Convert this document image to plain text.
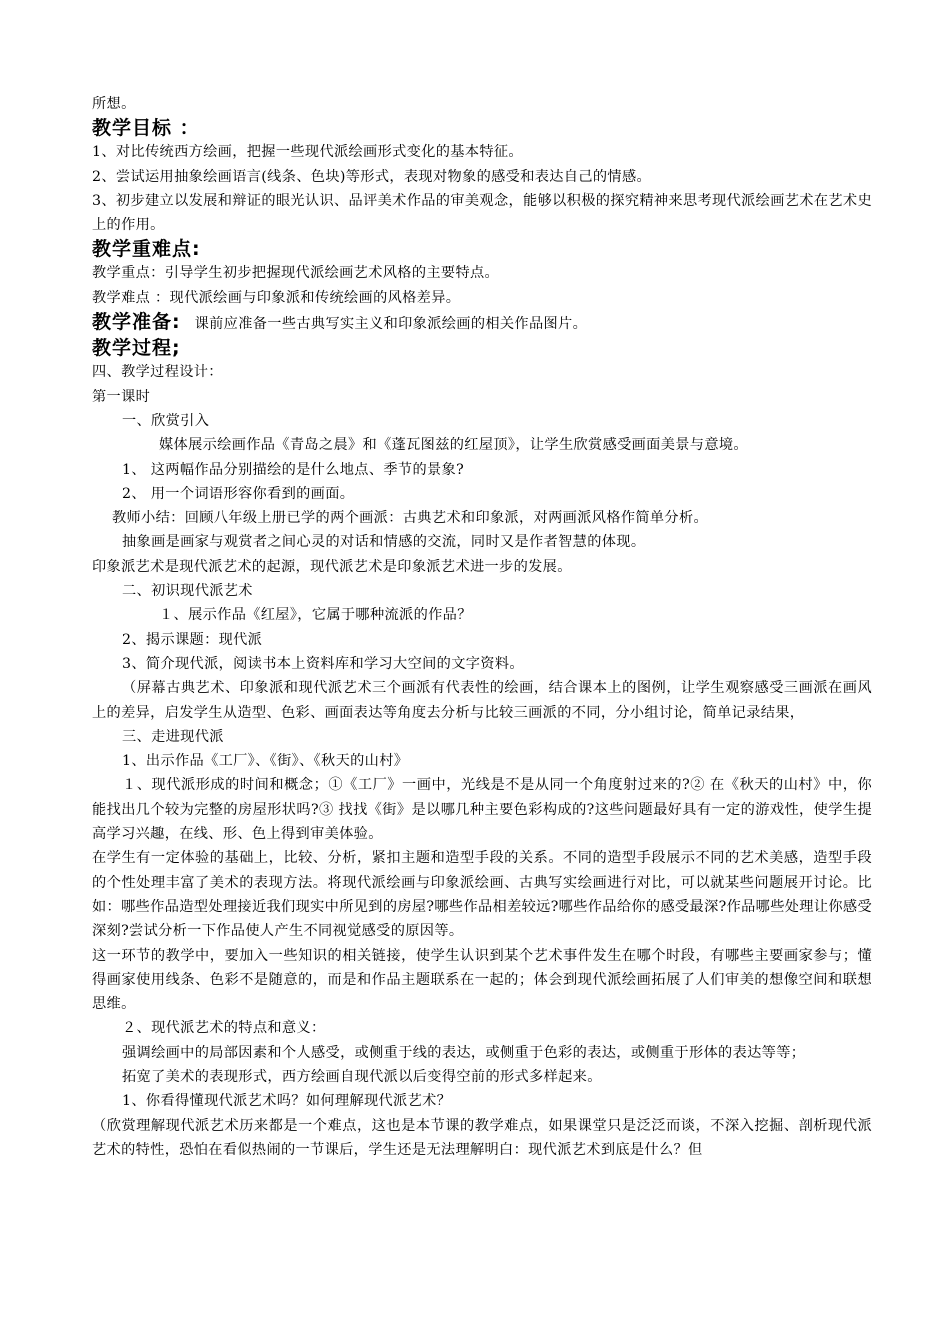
所想。
教学目标 ：
1、对比传统西方绘画，把握一些现代派绘画形式变化的基本特征。
2、尝试运用抽象绘画语言(线条、色块)等形式，表现对物象的感受和表达自己的情感。
3、初步建立以发展和辩证的眼光认识、品评美术作品的审美观念，能够以积极的探究精神来思考现代派绘画艺术在艺术史上的作用。
教学重难点:
教学重点：引导学生初步把握现代派绘画艺术风格的主要特点。
教学难点 ：现代派绘画与印象派和传统绘画的风格差异。
教学准备: 课前应准备一些古典写实主义和印象派绘画的相关作品图片。
教学过程;
四、教学过程设计：
第一课时
一、欣赏引入
媒体展示绘画作品《青岛之晨》和《蓬瓦图兹的红屋顶》，让学生欣赏感受画面美景与意境。
1、 这两幅作品分别描绘的是什么地点、季节的景象?
2、 用一个词语形容你看到的画面。
教师小结：回顾八年级上册已学的两个画派：古典艺术和印象派，对两画派风格作简单分析。
抽象画是画家与观赏者之间心灵的对话和情感的交流，同时又是作者智慧的体现。
印象派艺术是现代派艺术的起源，现代派艺术是印象派艺术进一步的发展。
二、初识现代派艺术
１、展示作品《红屋》，它属于哪种流派的作品？
2、揭示课题：现代派
3、简介现代派，阅读书本上资料库和学习大空间的文字资料。
（屏幕古典艺术、印象派和现代派艺术三个画派有代表性的绘画，结合课本上的图例，让学生观察感受三画派在画风上的差异，启发学生从造型、色彩、画面表达等角度去分析与比较三画派的不同，分小组讨论，简单记录结果，
三、走进现代派
1、出示作品《工厂》、《街》、《秋天的山村》
１、现代派形成的时间和概念；①《工厂》一画中，光线是不是从同一个角度射过来的?② 在《秋天的山村》中，你能找出几个较为完整的房屋形状吗?③ 找找《街》是以哪几种主要色彩构成的?这些问题最好具有一定的游戏性，使学生提高学习兴趣，在线、形、色上得到审美体验。
在学生有一定体验的基础上，比较、分析，紧扣主题和造型手段的关系。不同的造型手段展示不同的艺术美感，造型手段的个性处理丰富了美术的表现方法。将现代派绘画与印象派绘画、古典写实绘画进行对比，可以就某些问题展开讨论。比如：哪些作品造型处理接近我们现实中所见到的房屋?哪些作品相差较远?哪些作品给你的感受最深?作品哪些处理让你感受深刻?尝试分析一下作品使人产生不同视觉感受的原因等。
这一环节的教学中，要加入一些知识的相关链接，使学生认识到某个艺术事件发生在哪个时段，有哪些主要画家参与；懂得画家使用线条、色彩不是随意的，而是和作品主题联系在一起的；体会到现代派绘画拓展了人们审美的想像空间和联想思维。
２、现代派艺术的特点和意义：
强调绘画中的局部因素和个人感受，或侧重于线的表达，或侧重于色彩的表达，或侧重于形体的表达等等；
拓宽了美术的表现形式，西方绘画自现代派以后变得空前的形式多样起来。
1、你看得懂现代派艺术吗？如何理解现代派艺术？
（欣赏理解现代派艺术历来都是一个难点，这也是本节课的教学难点，如果课堂只是泛泛而谈，不深入挖掘、剖析现代派艺术的特性，恐怕在看似热闹的一节课后，学生还是无法理解明白：现代派艺术到底是什么？但
